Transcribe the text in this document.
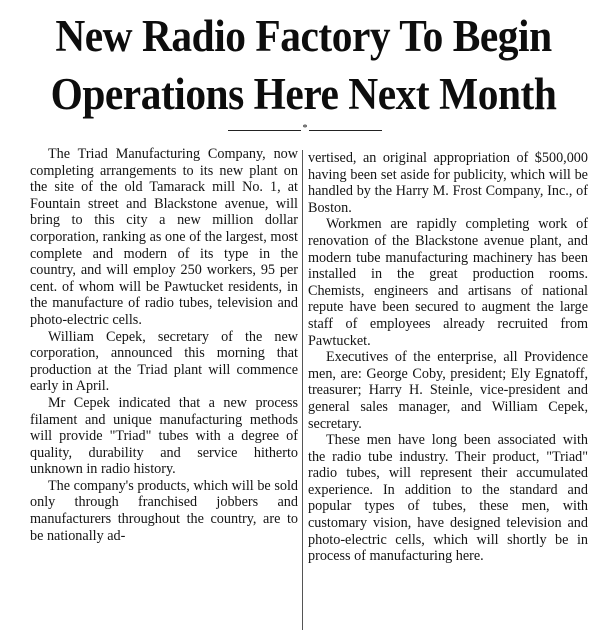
New Radio Factory To Begin
Operations Here Next Month
*

The Triad Manufacturing Company, now completing arrangements to its new plant on the site of the old Tamarack mill No. 1, at Fountain street and Blackstone avenue, will bring to this city a new million dollar corporation, ranking as one of the largest, most complete and modern of its type in the country, and will employ 250 workers, 95 per cent. of whom will be Pawtucket residents, in the manufacture of radio tubes, television and photo-electric cells.

William Cepek, secretary of the new corporation, announced this morning that production at the Triad plant will commence early in April.

Mr Cepek indicated that a new process filament and unique manufacturing methods will provide "Triad" tubes with a degree of quality, durability and service hitherto unknown in radio history.

The company's products, which will be sold only through franchised jobbers and manufacturers throughout the country, are to be nationally ad-

vertised, an original appropriation of $500,000 having been set aside for publicity, which will be handled by the Harry M. Frost Company, Inc., of Boston.

Workmen are rapidly completing work of renovation of the Blackstone avenue plant, and modern tube manufacturing machinery has been installed in the great production rooms. Chemists, engineers and artisans of national repute have been secured to augment the large staff of employees already recruited from Pawtucket.

Executives of the enterprise, all Providence men, are: George Coby, president; Ely Egnatoff, treasurer; Harry H. Steinle, vice-president and general sales manager, and William Cepek, secretary.

These men have long been associated with the radio tube industry. Their product, "Triad" radio tubes, will represent their accumulated experience. In addition to the standard and popular types of tubes, these men, with customary vision, have designed television and photo-electric cells, which will shortly be in process of manufacturing here.
